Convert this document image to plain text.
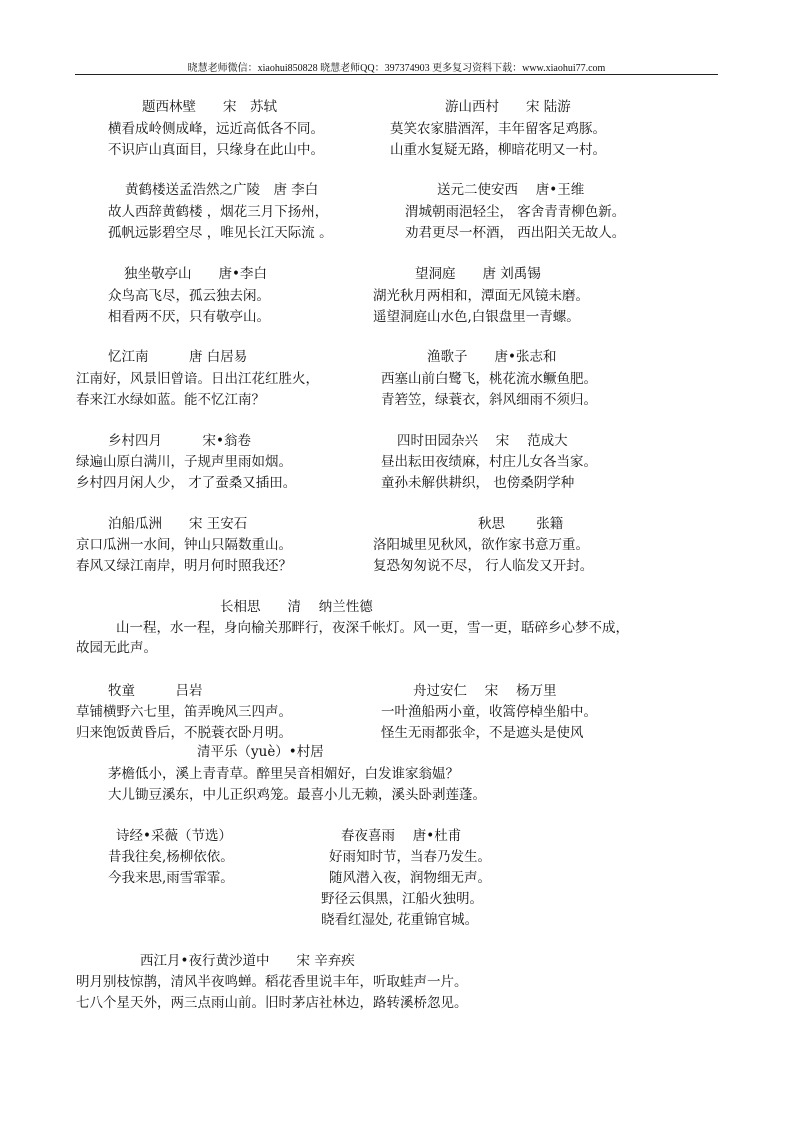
晓慧老师微信：xiaohui850828 晓慧老师QQ：397374903 更多复习资料下载：www.xiaohui77.com
题西林壁　　宋　苏轼
横看成岭侧成峰，远近高低各不同。
不识庐山真面目，只缘身在此山中。
游山西村　　宋 陆游
莫笑农家腊酒浑，丰年留客足鸡豚。
山重水复疑无路，柳暗花明又一村。
黄鹤楼送孟浩然之广陵　唐 李白
故人西辞黄鹤楼 ，烟花三月下扬州，
孤帆远影碧空尽 ，唯见长江天际流 。
送元二使安西　 唐•王维
渭城朝雨浥轻尘， 客舍青青柳色新。
劝君更尽一杯酒， 西出阳关无故人。
独坐敬亭山　　唐•李白
众鸟高飞尽，孤云独去闲。
相看两不厌，只有敬亭山。
望洞庭　　唐 刘禹锡
湖光秋月两相和，潭面无风镜未磨。
遥望洞庭山水色,白银盘里一青螺。
忆江南　　　唐 白居易
江南好，风景旧曾谙。日出江花红胜火，
春来江水绿如蓝。能不忆江南？
渔歌子　　唐•张志和
西塞山前白鹭飞，桃花流水鳜鱼肥。
青箬笠，绿蓑衣，斜风细雨不须归。
乡村四月　　　宋•翁卷
绿遍山原白满川，子规声里雨如烟。
乡村四月闲人少， 才了蚕桑又插田。
四时田园杂兴　 宋　 范成大
昼出耘田夜绩麻，村庄儿女各当家。
童孙未解供耕织， 也傍桑阴学种
泊船瓜洲　　宋 王安石
京口瓜洲一水间，钟山只隔数重山。
春风又绿江南岸，明月何时照我还？
秋思　　 张籍
洛阳城里见秋风，欲作家书意万重。
复恐匆匆说不尽， 行人临发又开封。
长相思　　清　 纳兰性德
山一程，水一程，身向榆关那畔行，夜深千帐灯。风一更，雪一更，聒碎乡心梦不成，
故园无此声。
牧童　　　吕岩
草铺横野六七里，笛弄晚风三四声。
归来饱饭黄昏后，不脱蓑衣卧月明。
舟过安仁　 宋　 杨万里
一叶渔船两小童，收篙停棹坐船中。
怪生无雨都张伞，不是遮头是使风
清平乐（yuè）•村居
茅檐低小，溪上青青草。醉里吴音相媚好，白发谁家翁媪？
大儿锄豆溪东，中儿正织鸡笼。最喜小儿无赖，溪头卧剥莲蓬。
诗经•采薇（节选）
昔我往矣,杨柳依依。
今我来思,雨雪霏霏。
春夜喜雨　 唐•杜甫
好雨知时节，当春乃发生。
随风潜入夜，润物细无声。
野径云俱黑，江船火独明。
晓看红湿处, 花重锦官城。
西江月•夜行黄沙道中　　宋 辛弃疾
明月别枝惊鹊，清风半夜鸣蝉。稻花香里说丰年，听取蛙声一片。
七八个星天外，两三点雨山前。旧时茅店社林边，路转溪桥忽见。
